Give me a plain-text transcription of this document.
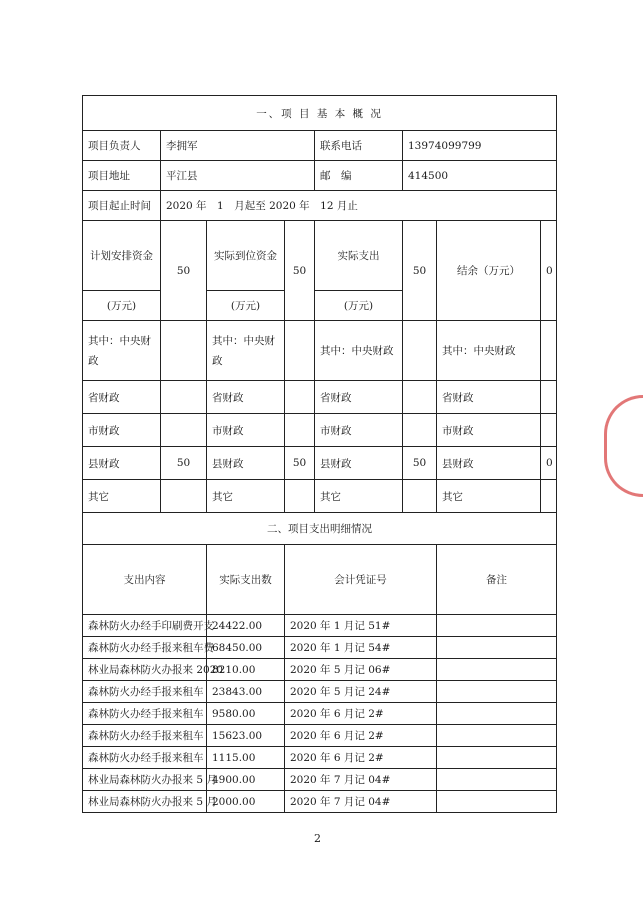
一、项 目 基 本 概 况							
项目负责人	李拥军			联系电话	13974099799		
项目地址	平江县			邮　编	414500		
项目起止时间	2020 年　1　月起至 2020 年　12 月止						
计划安排资金	50	实际到位资金	50	实际支出	50	结余（万元）	0
(万元)		(万元)		(万元)			
其中：中央财政		其中：中央财政		其中：中央财政		其中：中央财政	
省财政		省财政		省财政		省财政	
市财政		市财政		市财政		市财政	
县财政	50	县财政	50	县财政	50	县财政	0
其它		其它		其它		其它	
二、项目支出明细情况							
支出内容		实际支出数	会计凭证号			备注	
森林防火办经手印刷费开支		24422.00	2020 年 1 月记 51#				
森林防火办经手报来租车费		68450.00	2020 年 1 月记 54#				
林业局森林防火办报来 2020		8210.00	2020 年 5 月记 06#				
森林防火办经手报来租车		23843.00	2020 年 5 月记 24#				
森林防火办经手报来租车		9580.00	2020 年 6 月记 2#				
森林防火办经手报来租车		15623.00	2020 年 6 月记 2#				
森林防火办经手报来租车		1115.00	2020 年 6 月记 2#				
林业局森林防火办报来 5 月		4900.00	2020 年 7 月记 04#				
林业局森林防火办报来 5 月		2000.00	2020 年 7 月记 04#				
2
